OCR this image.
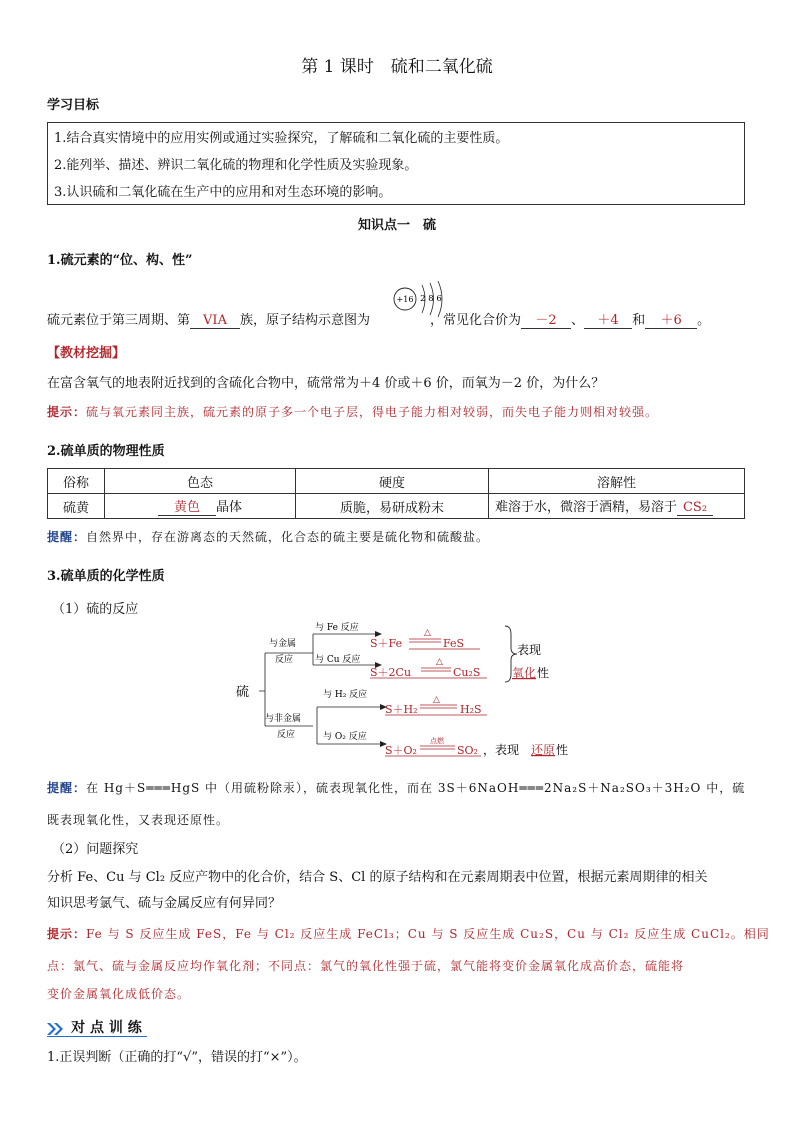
第 1 课时　硫和二氧化硫
学习目标
1.结合真实情境中的应用实例或通过实验探究，了解硫和二氧化硫的主要性质。
2.能列举、描述、辨识二氧化硫的物理和化学性质及实验现象。
3.认识硫和二氧化硫在生产中的应用和对生态环境的影响。
知识点一　硫
1.硫元素的“位、构、性”
+16 2 8 6
硫元素位于第三周期、第 VIA 族，原子结构示意图为	，常见化合价为 －2 、 ＋4 和 ＋6 。
【教材挖掘】
在富含氧气的地表附近找到的含硫化合物中，硫常常为＋4 价或＋6 价，而氧为－2 价，为什么？
提示：硫与氧元素同主族，硫元素的原子多一个电子层，得电子能力相对较弱，而失电子能力则相对较强。
2.硫单质的物理性质
俗称	色态	硬度	溶解性
硫黄	黄色 晶体	质脆，易研成粉末	难溶于水，微溶于酒精，易溶于 CS₂
提醒：自然界中，存在游离态的天然硫，化合态的硫主要是硫化物和硫酸盐。
3.硫单质的化学性质
（1）硫的反应
硫
与金属
反应
与非金属
反应
与 Fe 反应
与 Cu 反应
与 H₂ 反应
与 O₂ 反应
S＋Fe	FeS
S＋2Cu	Cu₂S
S＋H₂	H₂S
S＋O₂	SO₂
△
△
△
点燃
表现
氧化 性
，表现 还原 性
提醒：在 Hg＋S═══HgS 中（用硫粉除汞），硫表现氧化性，而在 3S＋6NaOH═══2Na₂S＋Na₂SO₃＋3H₂O 中，硫
既表现氧化性，又表现还原性。
（2）问题探究
分析 Fe、Cu 与 Cl₂ 反应产物中的化合价，结合 S、Cl 的原子结构和在元素周期表中位置，根据元素周期律的相关
知识思考氯气、硫与金属反应有何异同？
提示：Fe 与 S 反应生成 FeS，Fe 与 Cl₂ 反应生成 FeCl₃；Cu 与 S 反应生成 Cu₂S，Cu 与 Cl₂ 反应生成 CuCl₂。相同
点：氯气、硫与金属反应均作氧化剂；不同点：氯气的氧化性强于硫，氯气能将变价金属氧化成高价态，硫能将
变价金属氧化成低价态。
对 点 训 练
1.正误判断（正确的打“√”，错误的打“×”）。
